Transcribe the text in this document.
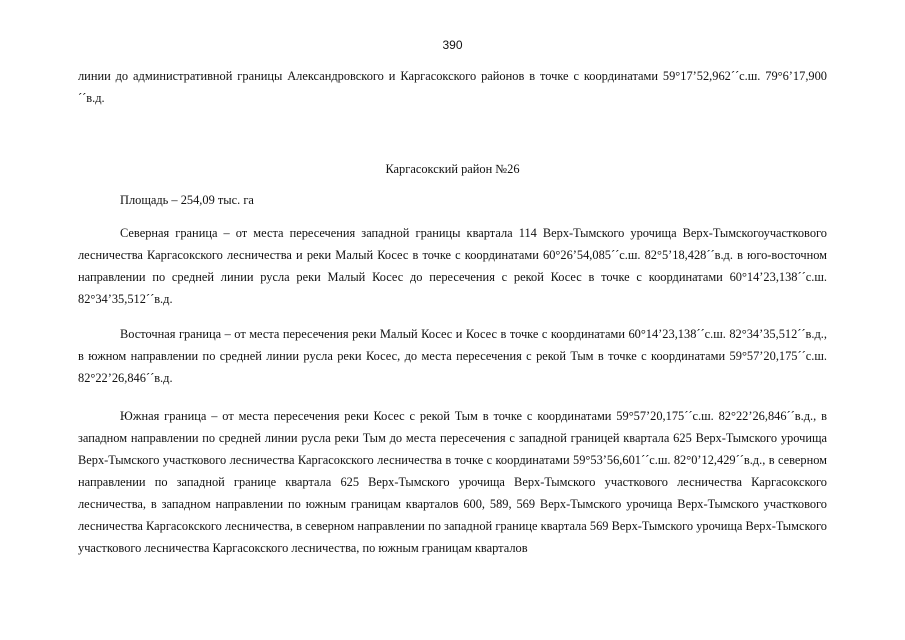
390

линии до административной границы Александровского и Каргасокского районов в точке с координатами 59°17’52,962´´с.ш. 79°6’17,900´´в.д.

Каргасокский район №26

Площадь – 254,09 тыс. га

Северная граница – от места пересечения западной границы квартала 114 Верх-Тымского урочища Верх-Тымскогоучасткового лесничества Каргасокского лесничества и реки Малый Косес в точке с координатами 60°26’54,085´´с.ш. 82°5’18,428´´в.д. в юго-восточном направлении по средней линии русла реки Малый Косес до пересечения с рекой Косес в точке с координатами 60°14’23,138´´с.ш. 82°34’35,512´´в.д.

Восточная граница – от места пересечения реки Малый Косес и Косес в точке с координатами 60°14’23,138´´с.ш. 82°34’35,512´´в.д., в южном направлении по средней линии русла реки Косес, до места пересечения с рекой Тым в точке с координатами 59°57’20,175´´с.ш. 82°22’26,846´´в.д.

Южная граница – от места пересечения реки Косес с рекой Тым в точке с координатами 59°57’20,175´´с.ш. 82°22’26,846´´в.д., в западном направлении по средней линии русла реки Тым до места пересечения с западной границей квартала 625 Верх-Тымского урочища Верх-Тымского участкового лесничества Каргасокского лесничества в точке с координатами 59°53’56,601´´с.ш. 82°0’12,429´´в.д., в северном направлении по западной границе квартала 625 Верх-Тымского урочища Верх-Тымского участкового лесничества Каргасокского лесничества, в западном направлении по южным границам кварталов 600, 589, 569 Верх-Тымского урочища Верх-Тымского участкового лесничества Каргасокского лесничества, в северном направлении по западной границе квартала 569 Верх-Тымского урочища Верх-Тымского участкового лесничества Каргасокского лесничества, по южным границам кварталов
